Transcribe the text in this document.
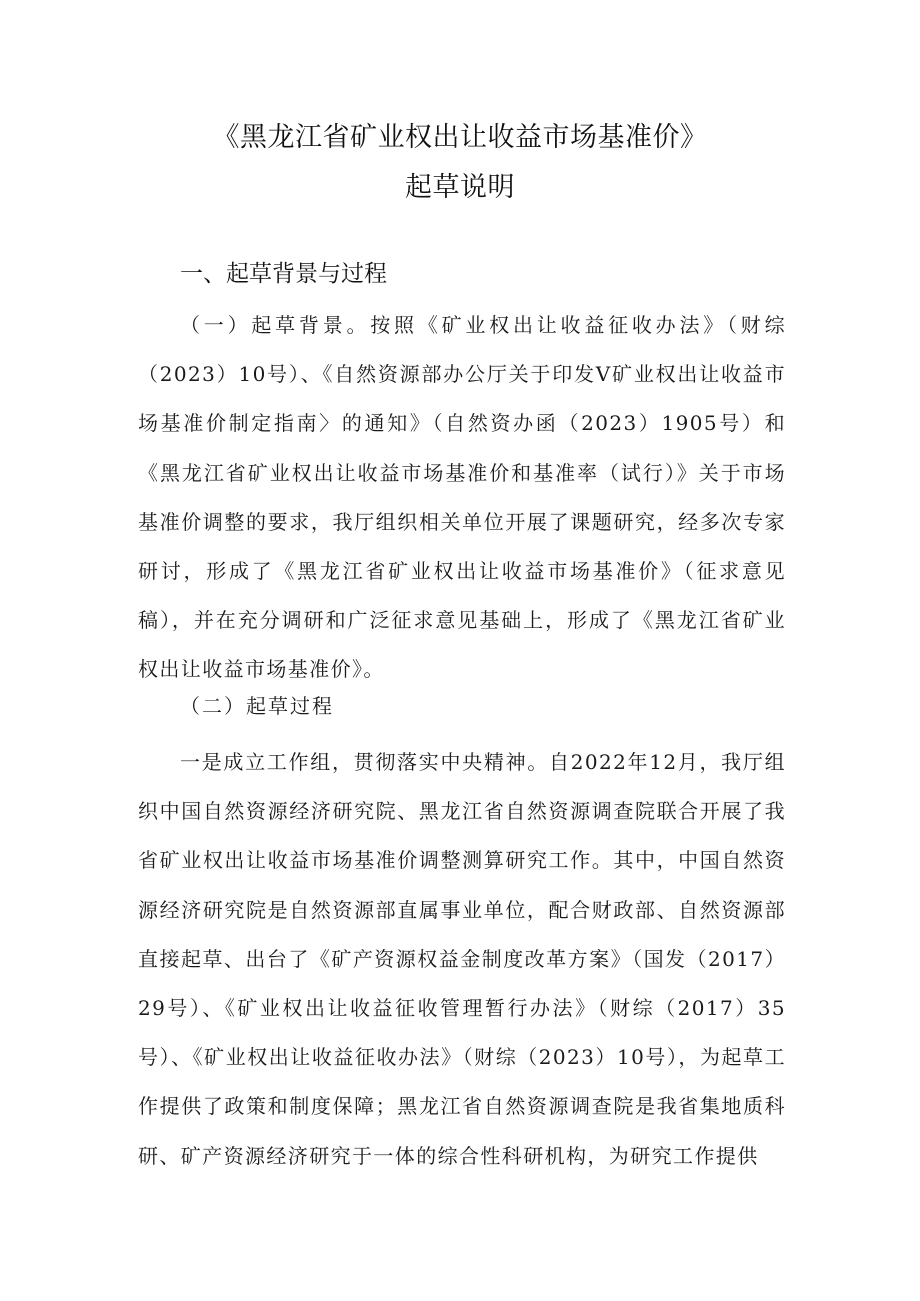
《黑龙江省矿业权出让收益市场基准价》
起草说明
一、起草背景与过程
（一）起草背景。按照《矿业权出让收益征收办法》（财综（2023）10号）、《自然资源部办公厅关于印发V矿业权出让收益市场基准价制定指南〉的通知》（自然资办函（2023）1905号）和《黑龙江省矿业权出让收益市场基准价和基准率（试行）》关于市场基准价调整的要求，我厅组织相关单位开展了课题研究，经多次专家研讨，形成了《黑龙江省矿业权出让收益市场基准价》（征求意见稿），并在充分调研和广泛征求意见基础上，形成了《黑龙江省矿业权出让收益市场基准价》。
（二）起草过程
一是成立工作组，贯彻落实中央精神。自2022年12月，我厅组织中国自然资源经济研究院、黑龙江省自然资源调查院联合开展了我省矿业权出让收益市场基准价调整测算研究工作。其中，中国自然资源经济研究院是自然资源部直属事业单位，配合财政部、自然资源部直接起草、出台了《矿产资源权益金制度改革方案》（国发（2017）29号）、《矿业权出让收益征收管理暂行办法》（财综（2017）35号）、《矿业权出让收益征收办法》（财综（2023）10号），为起草工作提供了政策和制度保障；黑龙江省自然资源调查院是我省集地质科研、矿产资源经济研究于一体的综合性科研机构，为研究工作提供
